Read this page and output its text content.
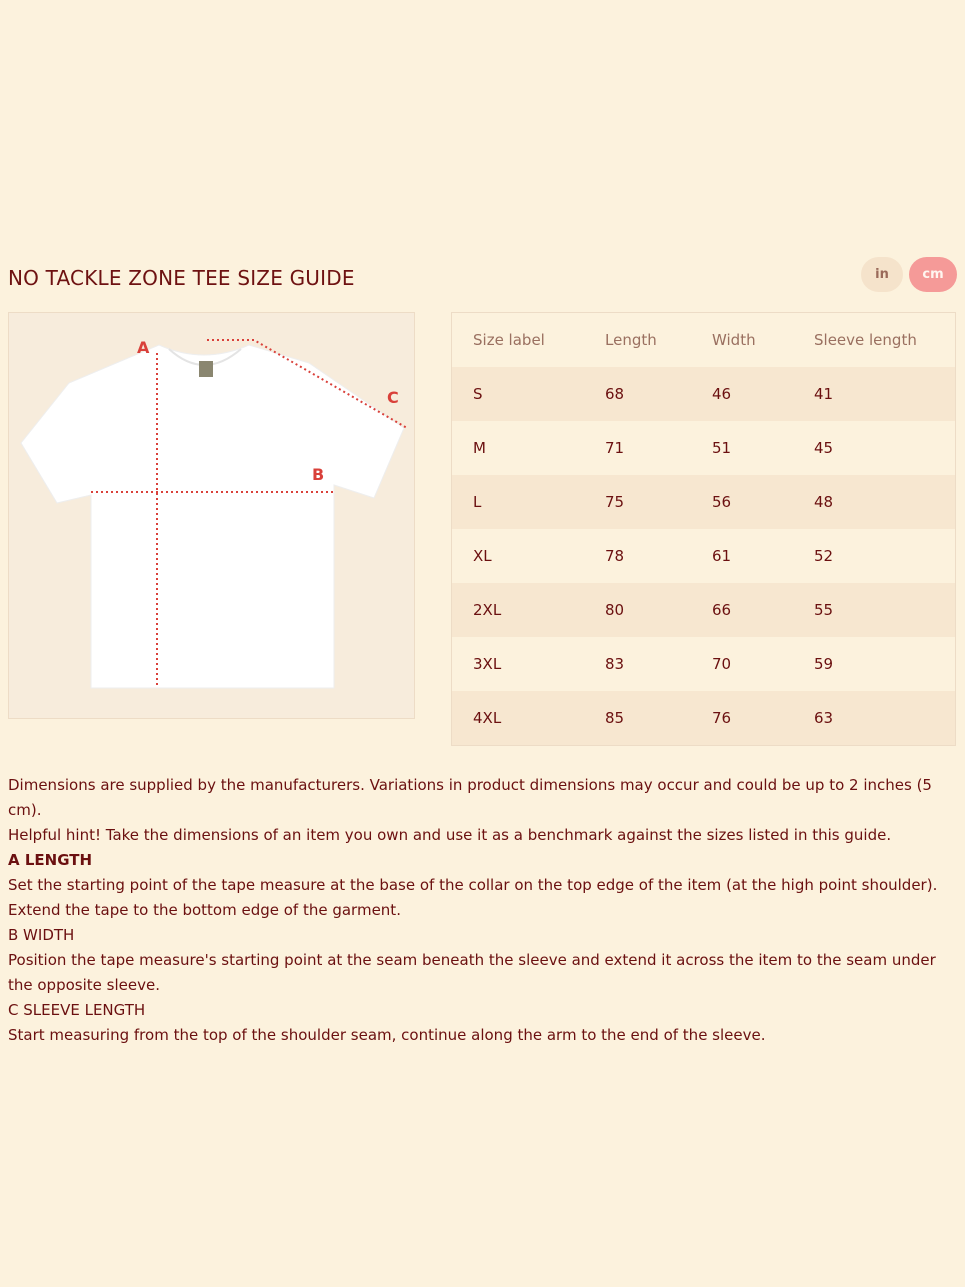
NO TACKLE ZONE TEE SIZE GUIDE	in	cm
A
B
C
Size label	Length	Width	Sleeve length
S	68	46	41
M	71	51	45
L	75	56	48
XL	78	61	52
2XL	80	66	55
3XL	83	70	59
4XL	85	76	63

Dimensions are supplied by the manufacturers. Variations in product dimensions may occur and could be up to 2 inches (5 cm).

Helpful hint! Take the dimensions of an item you own and use it as a benchmark against the sizes listed in this guide.

A LENGTH

Set the starting point of the tape measure at the base of the collar on the top edge of the item (at the high point shoulder). Extend the tape to the bottom edge of the garment.

B WIDTH

Position the tape measure's starting point at the seam beneath the sleeve and extend it across the item to the seam under the opposite sleeve.

C SLEEVE LENGTH

Start measuring from the top of the shoulder seam, continue along the arm to the end of the sleeve.
